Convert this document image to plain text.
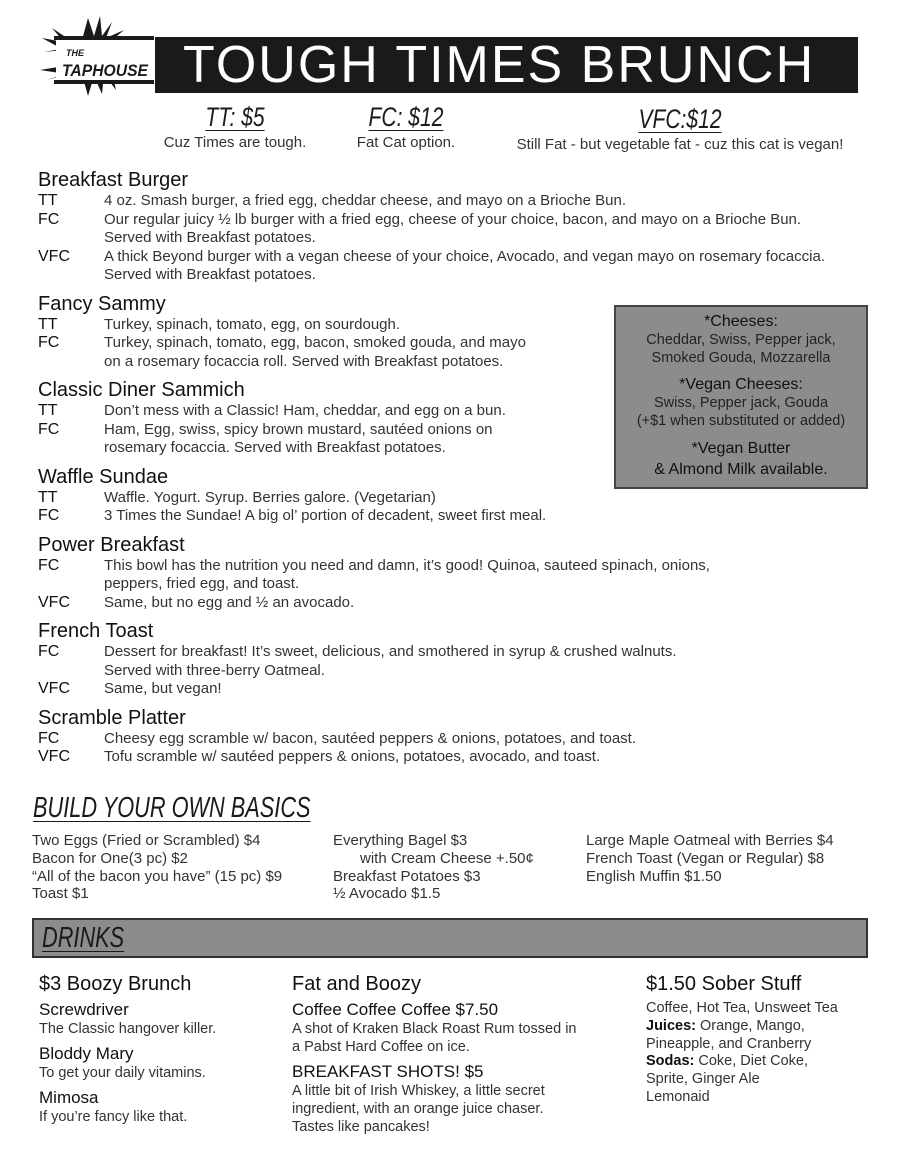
THE
TAPHOUSE TOUGH TIMES BRUNCH
TT: $5
Cuz Times are tough.
FC: $12
Fat Cat option.
VFC:$12
Still Fat - but vegetable fat - cuz this cat is vegan!
Breakfast Burger
TT	4 oz. Smash burger, a fried egg, cheddar cheese, and mayo on a Brioche Bun.
FC	Our regular juicy ½ lb burger with a fried egg, cheese of your choice, bacon, and mayo on a Brioche Bun.
Served with Breakfast potatoes.
VFC	A thick Beyond burger with a vegan cheese of your choice, Avocado, and vegan mayo on rosemary focaccia.
Served with Breakfast potatoes.
Fancy Sammy
TT	Turkey, spinach, tomato, egg, on sourdough.
FC	Turkey, spinach, tomato, egg, bacon, smoked gouda, and mayo
on a rosemary focaccia roll. Served with Breakfast potatoes.
Classic Diner Sammich
TT	Don’t mess with a Classic! Ham, cheddar, and egg on a bun.
FC	Ham, Egg, swiss, spicy brown mustard, sautéed onions on
rosemary focaccia. Served with Breakfast potatoes.
Waffle Sundae
TT	Waffle. Yogurt. Syrup. Berries galore. (Vegetarian)
FC	3 Times the Sundae! A big ol’ portion of decadent, sweet first meal.
Power Breakfast
FC	This bowl has the nutrition you need and damn, it’s good! Quinoa, sauteed spinach, onions,
peppers, fried egg, and toast.
VFC	Same, but no egg and ½ an avocado.
French Toast
FC	Dessert for breakfast! It’s sweet, delicious, and smothered in syrup & crushed walnuts.
Served with three-berry Oatmeal.
VFC	Same, but vegan!
Scramble Platter
FC	Cheesy egg scramble w/ bacon, sautéed peppers & onions, potatoes, and toast.
VFC	Tofu scramble w/ sautéed peppers & onions, potatoes, avocado, and toast.
*Cheeses:
Cheddar, Swiss, Pepper jack,
Smoked Gouda, Mozzarella
*Vegan Cheeses:
Swiss, Pepper jack, Gouda
(+$1 when substituted or added)
*Vegan Butter
& Almond Milk available.
BUILD YOUR OWN BASICS
Two Eggs (Fried or Scrambled) $4
Bacon for One(3 pc) $2
“All of the bacon you have” (15 pc) $9
Toast $1
Everything Bagel $3
with Cream Cheese +.50¢
Breakfast Potatoes $3
½ Avocado $1.5
Large Maple Oatmeal with Berries $4
French Toast (Vegan or Regular) $8
English Muffin $1.50
DRINKS
$3 Boozy Brunch
Screwdriver
The Classic hangover killer.
Bloddy Mary
To get your daily vitamins.
Mimosa
If you’re fancy like that.
Fat and Boozy
Coffee Coffee Coffee $7.50
A shot of Kraken Black Roast Rum tossed in
a Pabst Hard Coffee on ice.
BREAKFAST SHOTS! $5
A little bit of Irish Whiskey, a little secret
ingredient, with an orange juice chaser.
Tastes like pancakes!
$1.50 Sober Stuff
Coffee, Hot Tea, Unsweet Tea
Juices: Orange, Mango,
Pineapple, and Cranberry
Sodas: Coke, Diet Coke,
Sprite, Ginger Ale
Lemonaid
